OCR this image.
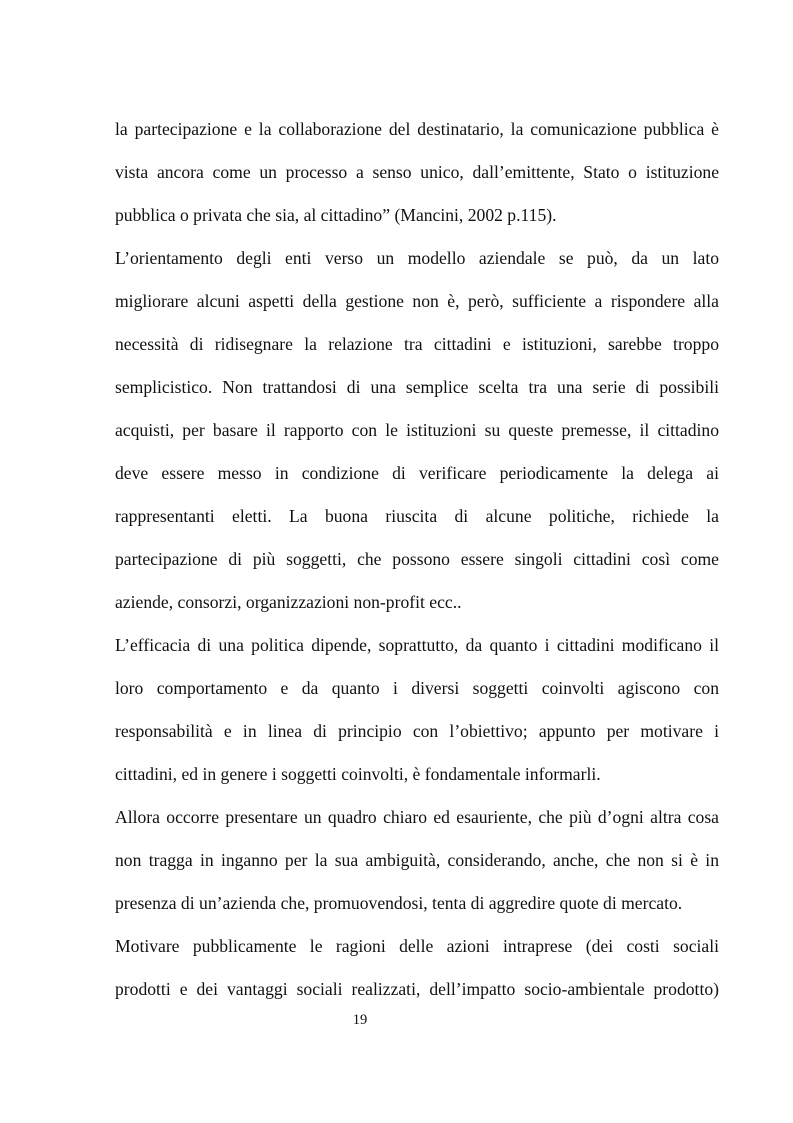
la partecipazione e la collaborazione del destinatario, la comunicazione pubblica è
vista ancora come un processo a senso unico, dall’emittente, Stato o istituzione
pubblica o privata che sia, al cittadino” (Mancini, 2002 p.115).
L’orientamento degli enti verso un modello aziendale se può, da un lato
migliorare alcuni aspetti della gestione non è, però, sufficiente a rispondere alla
necessità di ridisegnare la relazione tra cittadini e istituzioni, sarebbe troppo
semplicistico. Non trattandosi di una semplice scelta tra una serie di possibili
acquisti, per basare il rapporto con le istituzioni su queste premesse, il cittadino
deve essere messo in condizione di verificare periodicamente la delega ai
rappresentanti eletti. La buona riuscita di alcune politiche, richiede la
partecipazione di più soggetti, che possono essere singoli cittadini così come
aziende, consorzi, organizzazioni non-profit ecc..
L’efficacia di una politica dipende, soprattutto, da quanto i cittadini modificano il
loro comportamento e da quanto i diversi soggetti coinvolti agiscono con
responsabilità e in linea di principio con l’obiettivo; appunto per motivare i
cittadini, ed in genere i soggetti coinvolti, è fondamentale informarli.
Allora occorre presentare un quadro chiaro ed esauriente, che più d’ogni altra cosa
non tragga in inganno per la sua ambiguità, considerando, anche, che non si è in
presenza di un’azienda che, promuovendosi, tenta di aggredire quote di mercato.
Motivare pubblicamente le ragioni delle azioni intraprese (dei costi sociali
prodotti e dei vantaggi sociali realizzati, dell’impatto socio-ambientale prodotto)
19
